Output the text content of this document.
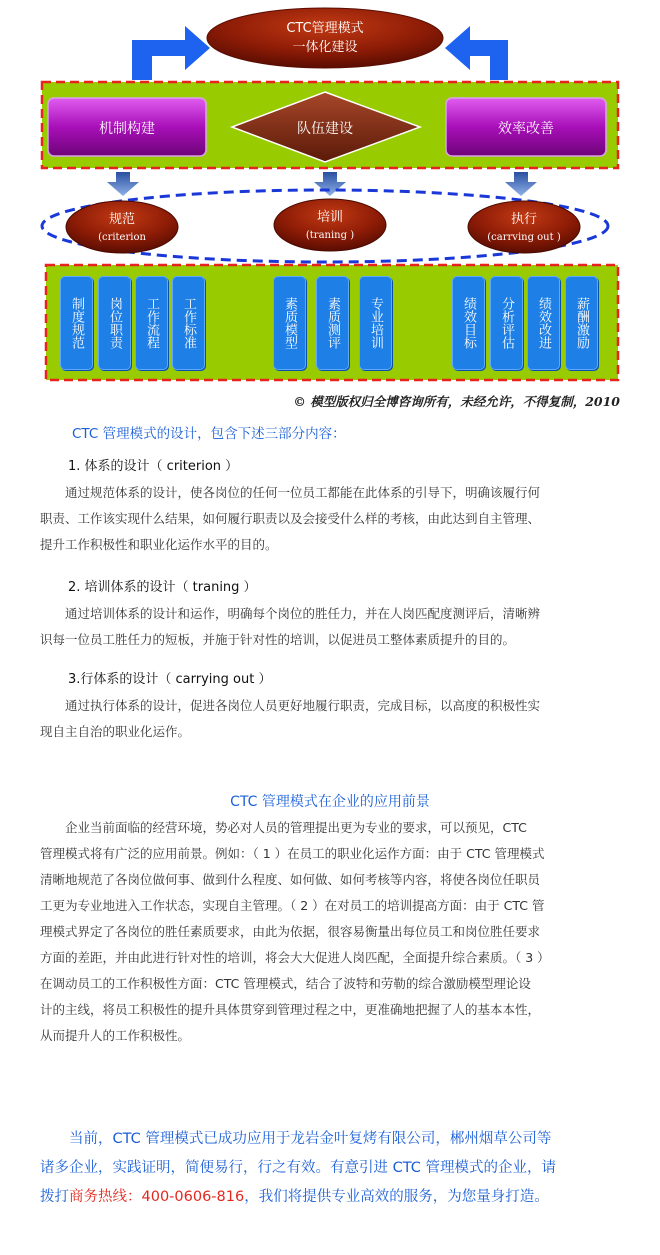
CTC管理模式
一体化建设
机制构建	队伍建设	效率改善
规范
(criterion
培训
(traning )
执行
(carrving out )
制度规范	岗位职责	工作流程	工作标准	素质模型	素质测评	专业培训	绩效目标	分析评估	绩效改进	薪酬激励
© 模型版权归全博咨询所有，未经允许，不得复制，2010
CTC 管理模式的设计，包含下述三部分内容：
1. 体系的设计（ criterion ）

通过规范体系的设计，使各岗位的任何一位员工都能在此体系的引导下，明确该履行何

职责、工作该实现什么结果，如何履行职责以及会接受什么样的考核，由此达到自主管理、

提升工作积极性和职业化运作水平的目的。

2. 培训体系的设计（ traning ）

通过培训体系的设计和运作，明确每个岗位的胜任力，并在人岗匹配度测评后，清晰辨

识每一位员工胜任力的短板，并施于针对性的培训，以促进员工整体素质提升的目的。

3.行体系的设计（ carrying out ）

通过执行体系的设计，促进各岗位人员更好地履行职责，完成目标，以高度的积极性实

现自主自治的职业化运作。

CTC 管理模式在企业的应用前景

企业当前面临的经营环境，势必对人员的管理提出更为专业的要求，可以预见，CTC

管理模式将有广泛的应用前景。例如：（ 1 ）在员工的职业化运作方面：由于 CTC 管理模式

清晰地规范了各岗位做何事、做到什么程度、如何做、如何考核等内容，将使各岗位任职员

工更为专业地进入工作状态，实现自主管理。（ 2 ）在对员工的培训提高方面：由于 CTC 管

理模式界定了各岗位的胜任素质要求，由此为依据，很容易衡量出每位员工和岗位胜任要求

方面的差距，并由此进行针对性的培训，将会大大促进人岗匹配，全面提升综合素质。（ 3 ）

在调动员工的工作积极性方面：CTC 管理模式，结合了波特和劳勒的综合激励模型理论设

计的主线，将员工积极性的提升具体贯穿到管理过程之中，更准确地把握了人的基本本性，

从而提升人的工作积极性。

当前，CTC 管理模式已成功应用于龙岩金叶复烤有限公司，郴州烟草公司等
诸多企业，实践证明，简便易行，行之有效。有意引进 CTC 管理模式的企业，请
拨打商务热线：400-0606-816，我们将提供专业高效的服务，为您量身打造。
